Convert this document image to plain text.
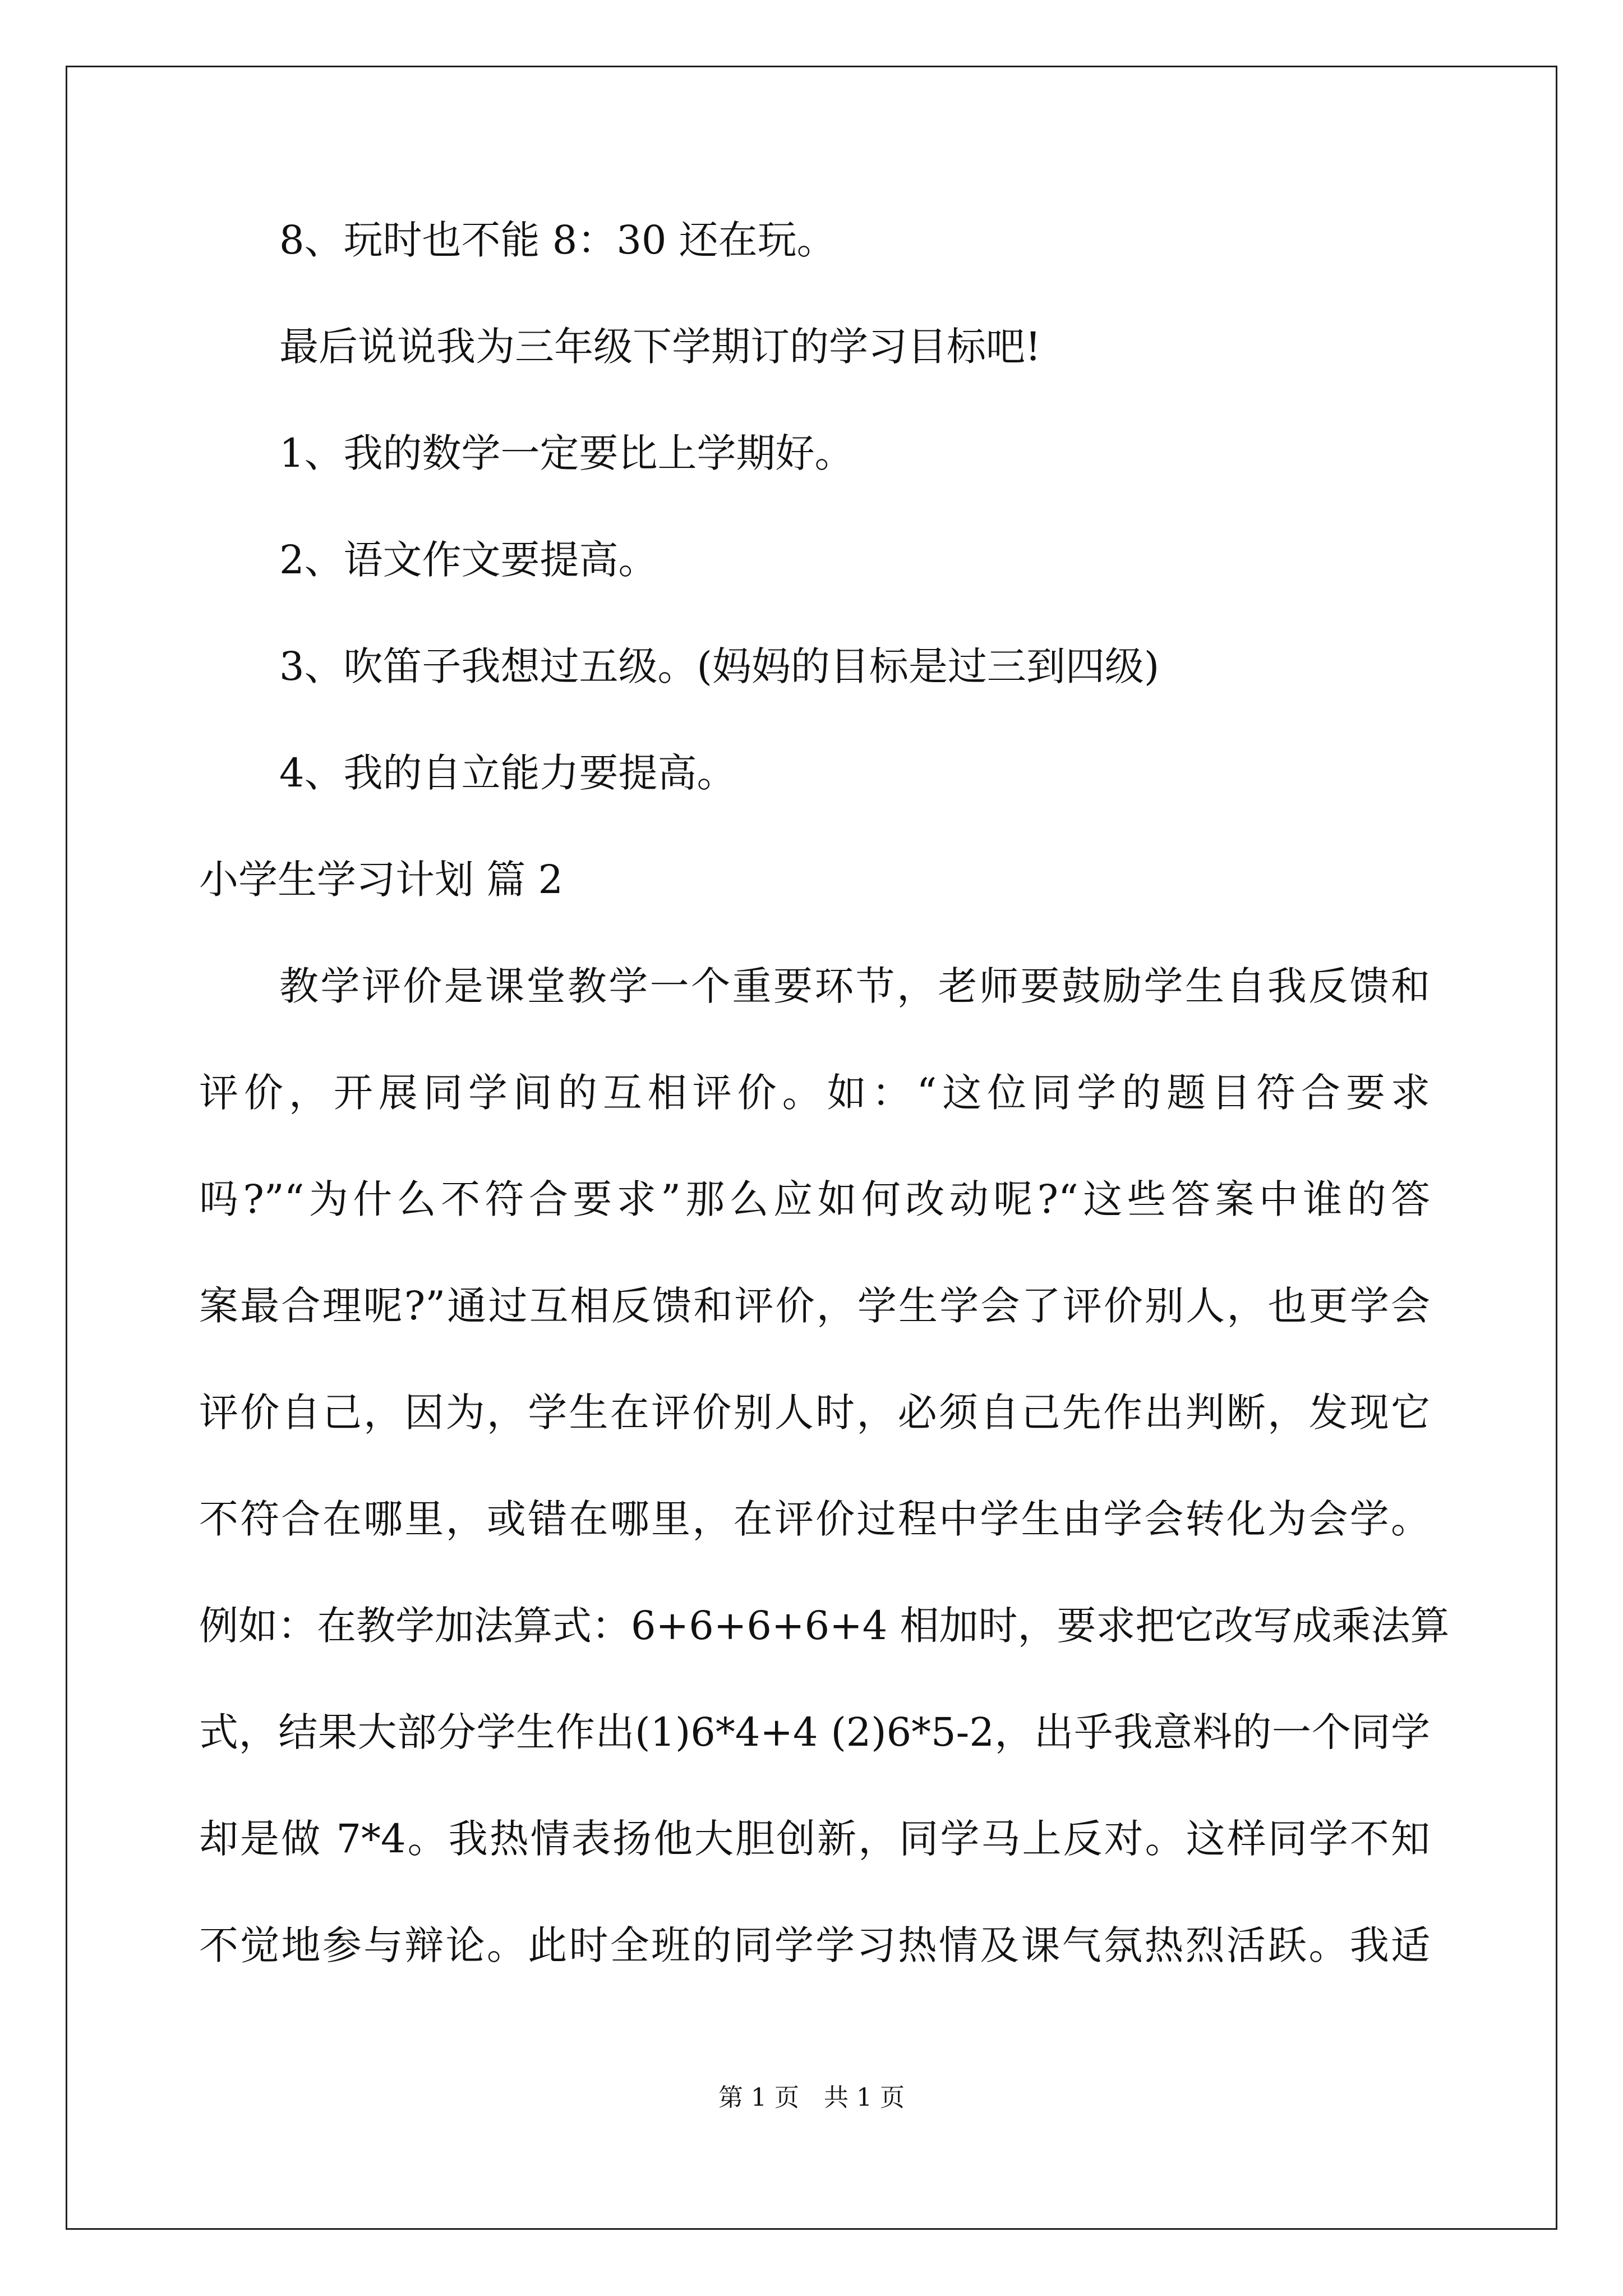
8、玩时也不能 8：30 还在玩。

最后说说我为三年级下学期订的学习目标吧!

1、我的数学一定要比上学期好。

2、语文作文要提高。

3、吹笛子我想过五级。(妈妈的目标是过三到四级)

4、我的自立能力要提高。

小学生学习计划 篇 2

教学评价是课堂教学一个重要环节，老师要鼓励学生自我反馈和

评价，开展同学间的互相评价。如：“这位同学的题目符合要求

吗?”“为什么不符合要求”那么应如何改动呢?“这些答案中谁的答

案最合理呢?”通过互相反馈和评价，学生学会了评价别人，也更学会

评价自己，因为，学生在评价别人时，必须自己先作出判断，发现它

不符合在哪里，或错在哪里，在评价过程中学生由学会转化为会学。

例如：在教学加法算式：6+6+6+6+4 相加时，要求把它改写成乘法算

式，结果大部分学生作出(1)6*4+4 (2)6*5-2，出乎我意料的一个同学

却是做 7*4。我热情表扬他大胆创新，同学马上反对。这样同学不知

不觉地参与辩论。此时全班的同学学习热情及课气氛热烈活跃。我适

第 1 页　共 1 页
